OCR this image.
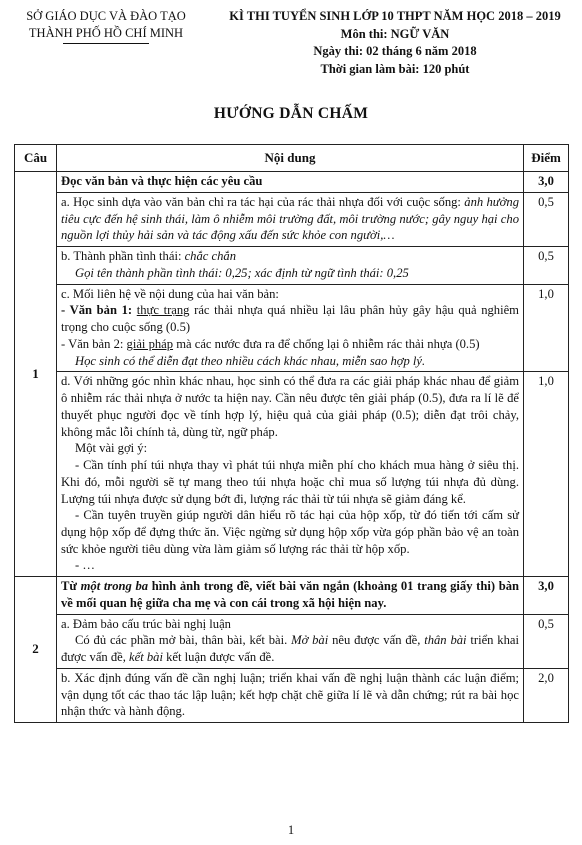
SỞ GIÁO DỤC VÀ ĐÀO TẠO
THÀNH PHỐ HỒ CHÍ MINH
KÌ THI TUYỂN SINH LỚP 10 THPT NĂM HỌC 2018 – 2019
Môn thi: NGỮ VĂN
Ngày thi: 02 tháng 6 năm 2018
Thời gian làm bài: 120 phút
HƯỚNG DẪN CHẤM
Câu	Nội dung	Điểm
1	Đọc văn bản và thực hiện các yêu cầu	3,0
	a. Học sinh dựa vào văn bản chỉ ra tác hại của rác thải nhựa đối với cuộc sống: ảnh hưởng tiêu cực đến hệ sinh thái, làm ô nhiễm môi trường đất, môi trường nước; gây nguy hại cho nguồn lợi thủy hải sản và tác động xấu đến sức khỏe con người,…	0,5

	b. Thành phần tình thái: chắc chắn
Gọi tên thành phần tình thái: 0,25; xác định từ ngữ tình thái: 0,25	0,5

	c. Mối liên hệ về nội dung của hai văn bản:
- Văn bản 1: thực trạng rác thải nhựa quá nhiều lại lâu phân hủy gây hậu quả nghiêm trọng cho cuộc sống (0.5)
- Văn bản 2: giải pháp mà các nước đưa ra để chống lại ô nhiễm rác thải nhựa (0.5)
Học sinh có thể diễn đạt theo nhiều cách khác nhau, miễn sao hợp lý.	1,0

	d. Với những góc nhìn khác nhau, học sinh có thể đưa ra các giải pháp khác nhau để giảm ô nhiễm rác thải nhựa ở nước ta hiện nay. Cần nêu được tên giải pháp (0.5), đưa ra lí lẽ để thuyết phục người đọc về tính hợp lý, hiệu quả của giải pháp (0.5); diễn đạt trôi chảy, không mắc lỗi chính tả, dùng từ, ngữ pháp.
Một vài gợi ý:
- Cần tính phí túi nhựa thay vì phát túi nhựa miễn phí cho khách mua hàng ở siêu thị. Khi đó, mỗi người sẽ tự mang theo túi nhựa hoặc chỉ mua số lượng túi nhựa đủ dùng. Lượng túi nhựa được sử dụng bớt đi, lượng rác thải từ túi nhựa sẽ giảm đáng kể.
- Cần tuyên truyền giúp người dân hiểu rõ tác hại của hộp xốp, từ đó tiến tới cấm sử dụng hộp xốp để đựng thức ăn. Việc ngừng sử dụng hộp xốp vừa góp phần bảo vệ an toàn sức khỏe người tiêu dùng vừa làm giảm số lượng rác thải từ hộp xốp.
- …	1,0
2	Từ một trong ba hình ảnh trong đề, viết bài văn ngắn (khoảng 01 trang giấy thi) bàn về mối quan hệ giữa cha mẹ và con cái trong xã hội hiện nay.	3,0

	a. Đảm bảo cấu trúc bài nghị luận
Có đủ các phần mở bài, thân bài, kết bài. Mở bài nêu được vấn đề, thân bài triển khai được vấn đề, kết bài kết luận được vấn đề.	0,5
	b. Xác định đúng vấn đề cần nghị luận; triển khai vấn đề nghị luận thành các luận điểm; vận dụng tốt các thao tác lập luận; kết hợp chặt chẽ giữa lí lẽ và dẫn chứng; rút ra bài học nhận thức và hành động.	2,0
1
